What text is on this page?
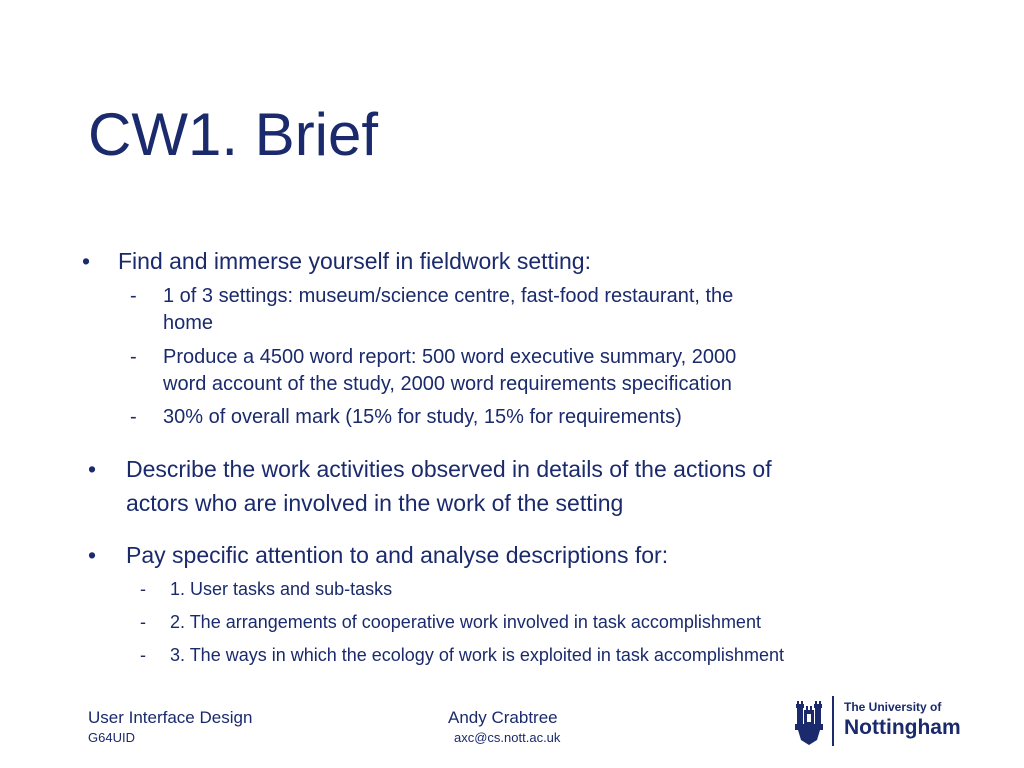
CW1. Brief
• Find and immerse yourself in fieldwork setting:
- 1 of 3 settings: museum/science centre, fast-food restaurant, the
home
- Produce a 4500 word report: 500 word executive summary, 2000
word account of the study, 2000 word requirements specification
- 30% of overall mark (15% for study, 15% for requirements)
• Describe the work activities observed in details of the actions of
actors who are involved in the work of the setting
• Pay specific attention to and analyse descriptions for:
- 1. User tasks and sub-tasks
- 2. The arrangements of cooperative work involved in task accomplishment
- 3. The ways in which the ecology of work is exploited in task accomplishment
User Interface Design
G64UID
Andy Crabtree
axc@cs.nott.ac.uk
The University of
Nottingham
